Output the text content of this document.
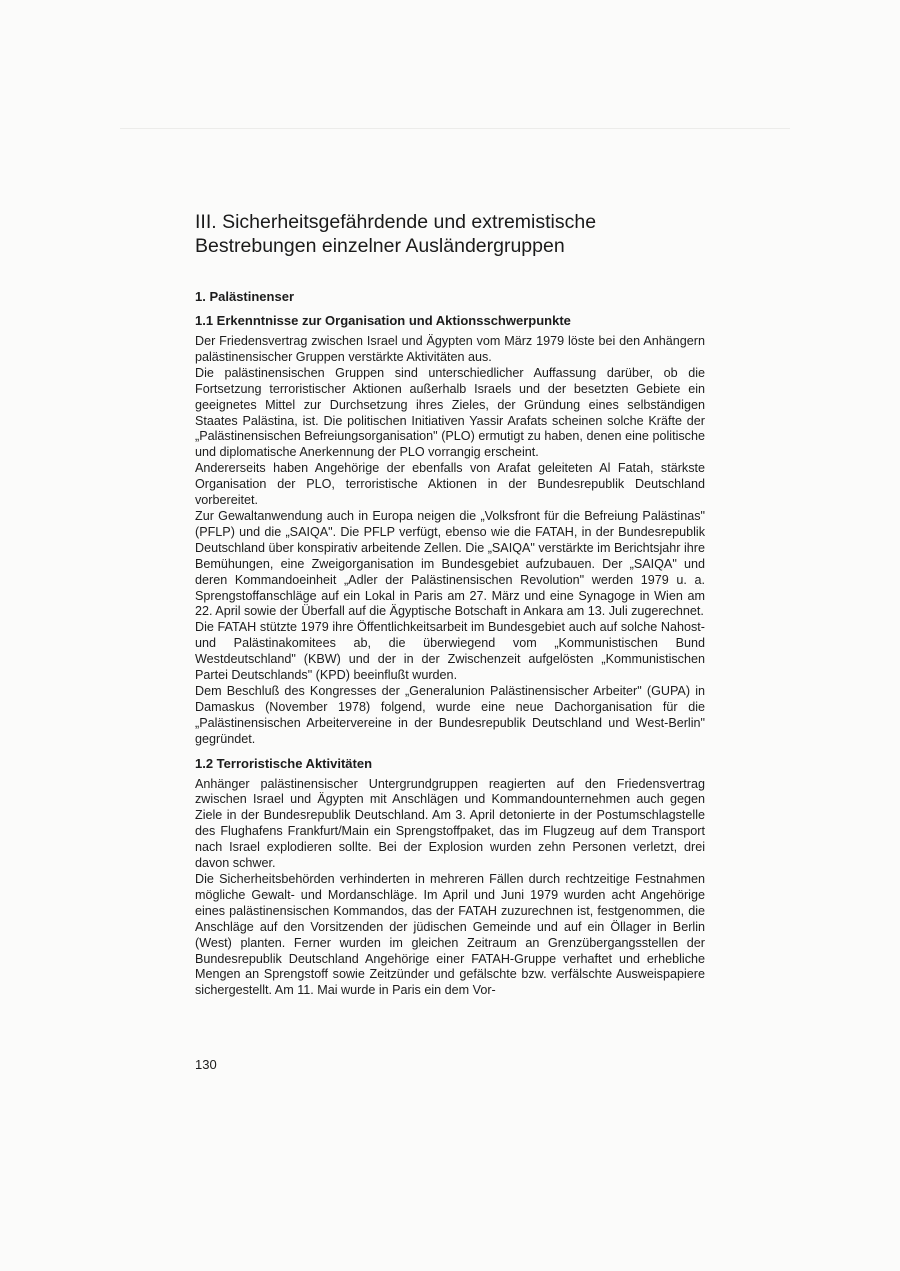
III. Sicherheitsgefährdende und extremistische Bestrebungen einzelner Ausländergruppen
1. Palästinenser
1.1 Erkenntnisse zur Organisation und Aktionsschwerpunkte

Der Friedensvertrag zwischen Israel und Ägypten vom März 1979 löste bei den Anhängern palästinensischer Gruppen verstärkte Aktivitäten aus.

Die palästinensischen Gruppen sind unterschiedlicher Auffassung darüber, ob die Fortsetzung terroristischer Aktionen außerhalb Israels und der besetzten Gebiete ein geeignetes Mittel zur Durchsetzung ihres Zieles, der Gründung eines selbständigen Staates Palästina, ist. Die politischen Initiativen Yassir Arafats scheinen solche Kräfte der „Palästinensischen Befreiungsorganisation" (PLO) ermutigt zu haben, denen eine politische und diplomatische Anerkennung der PLO vorrangig erscheint.

Andererseits haben Angehörige der ebenfalls von Arafat geleiteten Al Fatah, stärkste Organisation der PLO, terroristische Aktionen in der Bundesrepublik Deutschland vorbereitet.

Zur Gewaltanwendung auch in Europa neigen die „Volksfront für die Befreiung Palästinas" (PFLP) und die „SAIQA". Die PFLP verfügt, ebenso wie die FATAH, in der Bundesrepublik Deutschland über konspirativ arbeitende Zellen. Die „SAIQA" verstärkte im Berichtsjahr ihre Bemühungen, eine Zweigorganisation im Bundesgebiet aufzubauen. Der „SAIQA" und deren Kommandoeinheit „Adler der Palästinensischen Revolution" werden 1979 u. a. Sprengstoffanschläge auf ein Lokal in Paris am 27. März und eine Synagoge in Wien am 22. April sowie der Überfall auf die Ägyptische Botschaft in Ankara am 13. Juli zugerechnet.

Die FATAH stützte 1979 ihre Öffentlichkeitsarbeit im Bundesgebiet auch auf solche Nahost- und Palästinakomitees ab, die überwiegend vom „Kommunistischen Bund Westdeutschland" (KBW) und der in der Zwischenzeit aufgelösten „Kommunistischen Partei Deutschlands" (KPD) beeinflußt wurden.

Dem Beschluß des Kongresses der „Generalunion Palästinensischer Arbeiter" (GUPA) in Damaskus (November 1978) folgend, wurde eine neue Dachorganisation für die „Palästinensischen Arbeitervereine in der Bundesrepublik Deutschland und West-Berlin" gegründet.

1.2 Terroristische Aktivitäten

Anhänger palästinensischer Untergrundgruppen reagierten auf den Friedensvertrag zwischen Israel und Ägypten mit Anschlägen und Kommandounternehmen auch gegen Ziele in der Bundesrepublik Deutschland. Am 3. April detonierte in der Postumschlagstelle des Flughafens Frankfurt/Main ein Sprengstoffpaket, das im Flugzeug auf dem Transport nach Israel explodieren sollte. Bei der Explosion wurden zehn Personen verletzt, drei davon schwer.

Die Sicherheitsbehörden verhinderten in mehreren Fällen durch rechtzeitige Festnahmen mögliche Gewalt- und Mordanschläge. Im April und Juni 1979 wurden acht Angehörige eines palästinensischen Kommandos, das der FATAH zuzurechnen ist, festgenommen, die Anschläge auf den Vorsitzenden der jüdischen Gemeinde und auf ein Öllager in Berlin (West) planten. Ferner wurden im gleichen Zeitraum an Grenzübergangsstellen der Bundesrepublik Deutschland Angehörige einer FATAH-Gruppe verhaftet und erhebliche Mengen an Sprengstoff sowie Zeitzünder und gefälschte bzw. verfälschte Ausweispapiere sichergestellt. Am 11. Mai wurde in Paris ein dem Vor-

130
